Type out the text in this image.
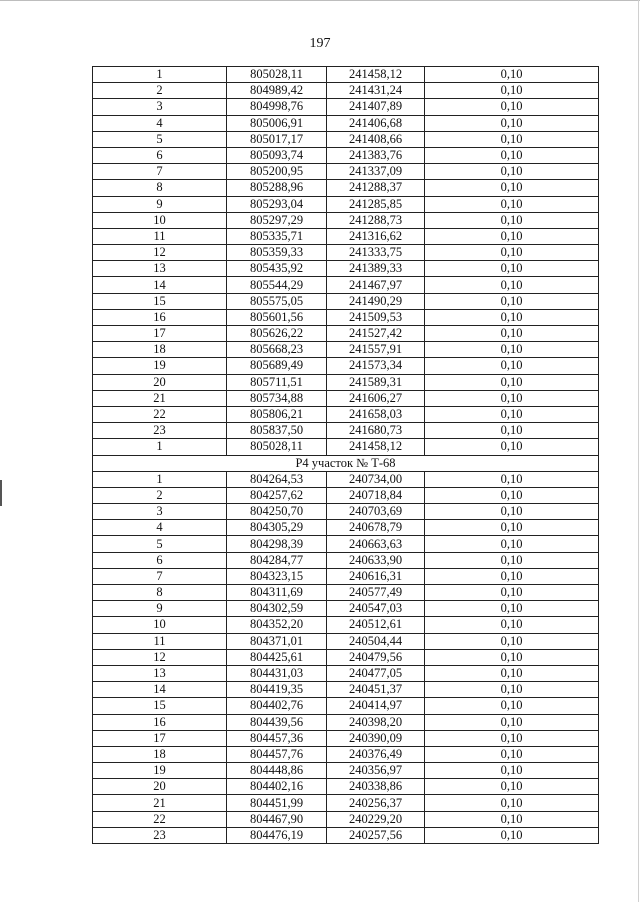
197
1	805028,11	241458,12	0,10
2	804989,42	241431,24	0,10
3	804998,76	241407,89	0,10
4	805006,91	241406,68	0,10
5	805017,17	241408,66	0,10
6	805093,74	241383,76	0,10
7	805200,95	241337,09	0,10
8	805288,96	241288,37	0,10
9	805293,04	241285,85	0,10
10	805297,29	241288,73	0,10
11	805335,71	241316,62	0,10
12	805359,33	241333,75	0,10
13	805435,92	241389,33	0,10
14	805544,29	241467,97	0,10
15	805575,05	241490,29	0,10
16	805601,56	241509,53	0,10
17	805626,22	241527,42	0,10
18	805668,23	241557,91	0,10
19	805689,49	241573,34	0,10
20	805711,51	241589,31	0,10
21	805734,88	241606,27	0,10
22	805806,21	241658,03	0,10
23	805837,50	241680,73	0,10
1	805028,11	241458,12	0,10
Р4 участок № Т-68			
1	804264,53	240734,00	0,10
2	804257,62	240718,84	0,10
3	804250,70	240703,69	0,10
4	804305,29	240678,79	0,10
5	804298,39	240663,63	0,10
6	804284,77	240633,90	0,10
7	804323,15	240616,31	0,10
8	804311,69	240577,49	0,10
9	804302,59	240547,03	0,10
10	804352,20	240512,61	0,10
11	804371,01	240504,44	0,10
12	804425,61	240479,56	0,10
13	804431,03	240477,05	0,10
14	804419,35	240451,37	0,10
15	804402,76	240414,97	0,10
16	804439,56	240398,20	0,10
17	804457,36	240390,09	0,10
18	804457,76	240376,49	0,10
19	804448,86	240356,97	0,10
20	804402,16	240338,86	0,10
21	804451,99	240256,37	0,10
22	804467,90	240229,20	0,10
23	804476,19	240257,56	0,10
